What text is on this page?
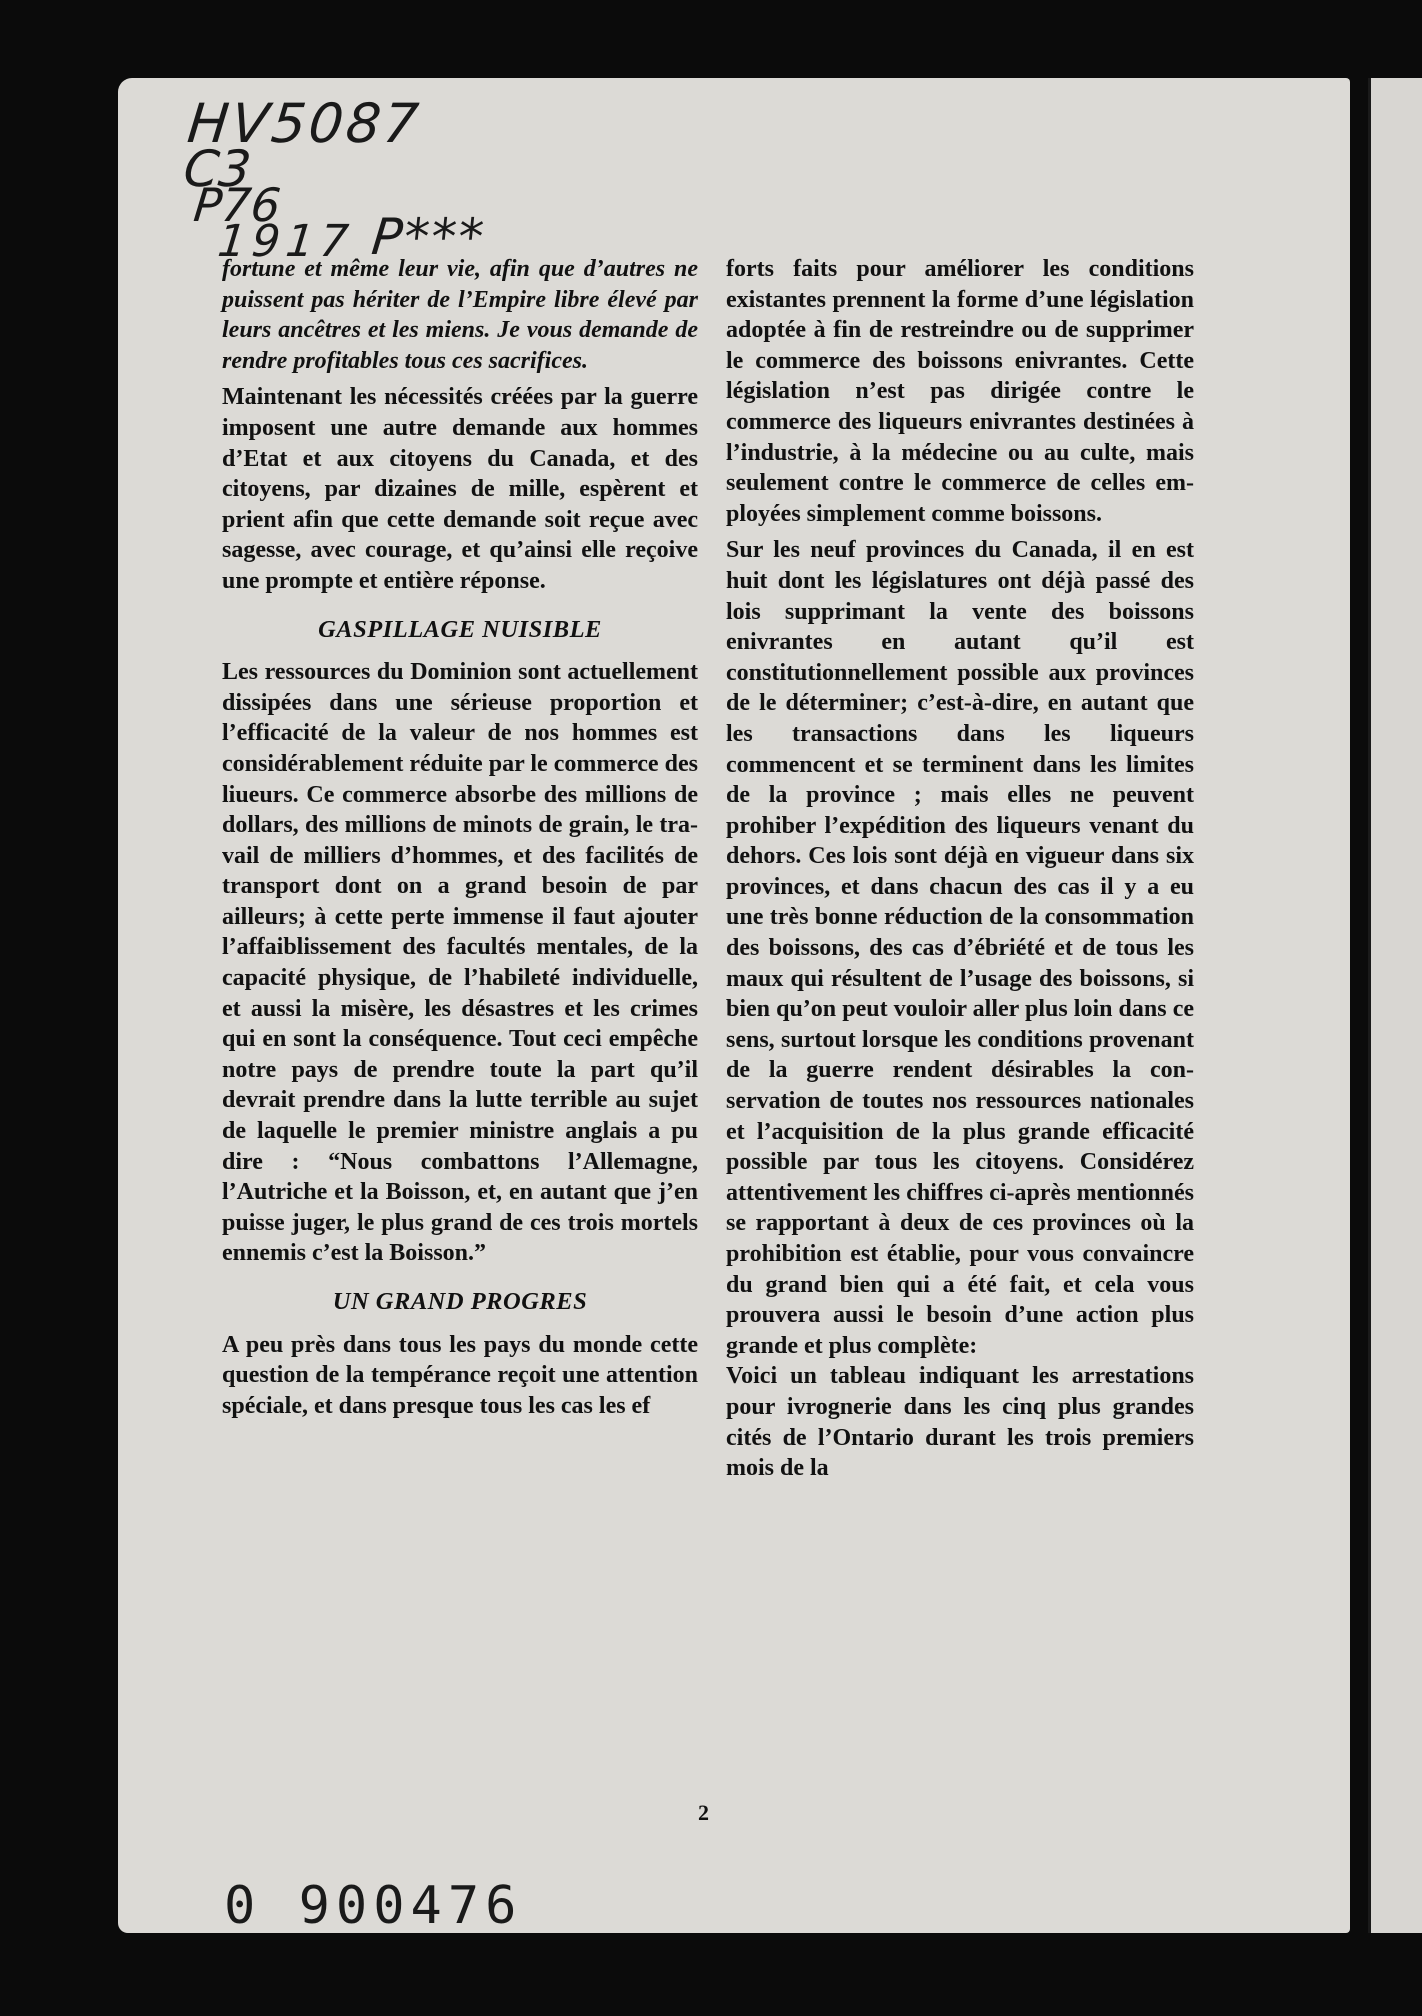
HV5087
C3
P76
1917 P***

fortune et même leur vie, afin que d’autres ne puissent pas hériter de l’Empire libre élevé par leurs ancêtres et les miens. Je vous demande de rendre profitables tous ces sacrifices.

Maintenant les nécessités créées par la guerre imposent une autre demande aux hommes d’Etat et aux citoyens du Canada, et des citoyens, par dizaines de mille, espèrent et prient afin que cette demande soit reçue avec sagesse, avec courage, et qu’ainsi elle reçoive une prompte et entière réponse.

GASPILLAGE NUISIBLE

Les ressources du Dominion sont actuellement dissipées dans une sérieuse proportion et l’efficacité de la valeur de nos hommes est considérablement réduite par le commerce des liueurs. Ce commerce absorbe des millions de dollars, des millions de minots de grain, le travail de milliers d’hommes, et des facilités de transport dont on a grand besoin de par ailleurs; à cette perte immense il faut ajouter l’affaiblissement des facultés mentales, de la capacité physique, de l’habileté individuelle, et aussi la misère, les désastres et les crimes qui en sont la conséquence. Tout ceci empêche notre pays de prendre toute la part qu’il devrait prendre dans la lutte terrible au sujet de laquelle le premier ministre anglais a pu dire : “Nous combattons l’Allemagne, l’Autriche et la Boisson, et, en autant que j’en puisse juger, le plus grand de ces trois mortels ennemis c’est la Boisson.”

UN GRAND PROGRES

A peu près dans tous les pays du monde cette question de la tempérance reçoit une attention spéciale, et dans presque tous les cas les ef

forts faits pour améliorer les conditions existantes prennent la forme d’une législation adoptée à fin de restreindre ou de supprimer le commerce des boissons enivrantes. Cette législation n’est pas dirigée contre le commerce des liqueurs enivrantes destinées à l’industrie, à la médecine ou au culte, mais seulement contre le commerce de celles employées simplement comme boissons.

Sur les neuf provinces du Canada, il en est huit dont les législatures ont déjà passé des lois supprimant la vente des boissons enivrantes en autant qu’il est constitutionnellement possible aux provinces de le déterminer; c’est-à-dire, en autant que les transactions dans les liqueurs commencent et se terminent dans les limites de la province ; mais elles ne peuvent prohiber l’expédition des liqueurs venant du dehors. Ces lois sont déjà en vigueur dans six provinces, et dans chacun des cas il y a eu une très bonne réduction de la consommation des boissons, des cas d’ébriété et de tous les maux qui résultent de l’usage des boissons, si bien qu’on peut vouloir aller plus loin dans ce sens, surtout lorsque les conditions provenant de la guerre rendent désirables la conservation de toutes nos ressources nationales et l’acquisition de la plus grande efficacité possible par tous les citoyens. Considérez attentivement les chiffres ci-après mentionnés se rapportant à deux de ces provinces où la prohibition est établie, pour vous convaincre du grand bien qui a été fait, et cela vous prouvera aussi le besoin d’une action plus grande et plus complète:

Voici un tableau indiquant les arrestations pour ivrognerie dans les cinq plus grandes cités de l’Ontario durant les trois premiers mois de la

2
0 900476
